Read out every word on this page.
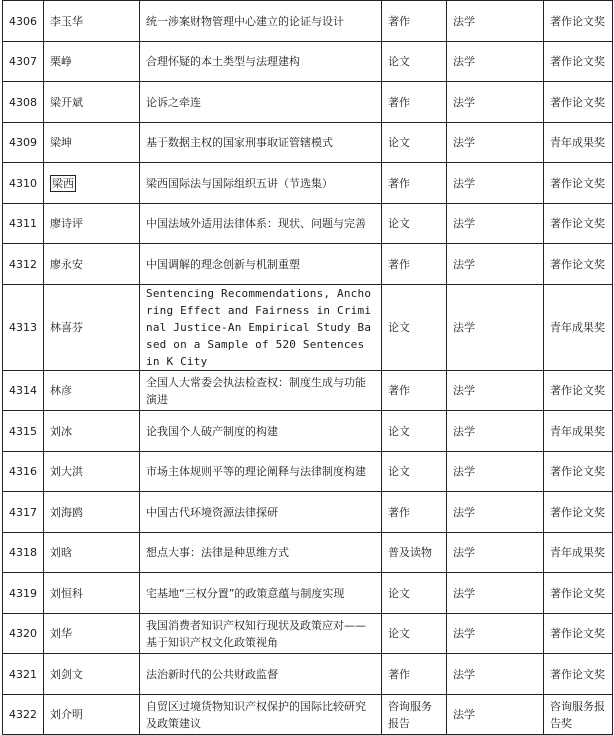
4306	李玉华	统一涉案财物管理中心建立的论证与设计	著作	法学	著作论文奖
4307	栗峥	合理怀疑的本土类型与法理建构	论文	法学	著作论文奖
4308	梁开斌	论诉之牵连	著作	法学	著作论文奖
4309	梁坤	基于数据主权的国家刑事取证管辖模式	论文	法学	青年成果奖
4310	梁西	梁西国际法与国际组织五讲（节选集）	著作	法学	著作论文奖
4311	廖诗评	中国法域外适用法律体系：现状、问题与完善	论文	法学	著作论文奖
4312	廖永安	中国调解的理念创新与机制重塑	著作	法学	著作论文奖
4313	林喜芬	Sentencing Recommendations, Anchoring Effect and Fairness in Criminal Justice-An Empirical Study Based on a Sample of 520 Sentences in K City	论文	法学	青年成果奖
4314	林彦	全国人大常委会执法检查权：制度生成与功能演进	著作	法学	著作论文奖
4315	刘冰	论我国个人破产制度的构建	论文	法学	青年成果奖
4316	刘大洪	市场主体规则平等的理论阐释与法律制度构建	论文	法学	著作论文奖
4317	刘海鸥	中国古代环境资源法律探研	著作	法学	著作论文奖
4318	刘晗	想点大事：法律是种思维方式	普及读物	法学	青年成果奖
4319	刘恒科	宅基地“三权分置”的政策意蕴与制度实现	论文	法学	著作论文奖
4320	刘华	我国消费者知识产权知行现状及政策应对——基于知识产权文化政策视角	论文	法学	著作论文奖
4321	刘剑文	法治新时代的公共财政监督	著作	法学	著作论文奖
4322	刘介明	自贸区过境货物知识产权保护的国际比较研究及政策建议	咨询服务报告	法学	咨询服务报告奖
